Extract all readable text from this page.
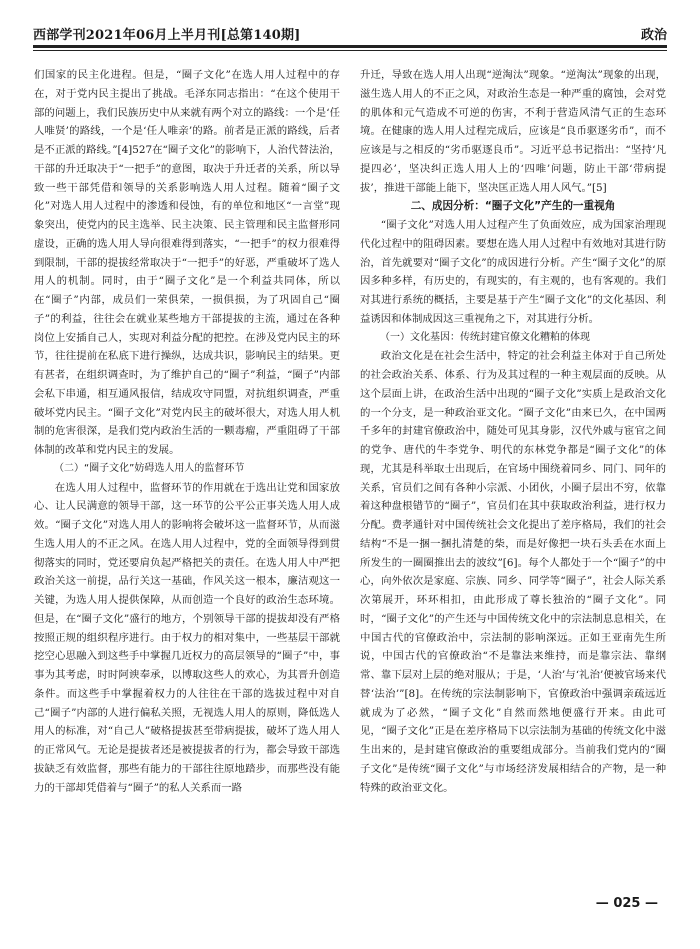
西部学刊2021年06月上半月刊[总第140期]	政治

们国家的民主化进程。但是，“圈子文化”在选人用人过程中的存在，对于党内民主提出了挑战。毛泽东同志指出：“在这个使用干部的问题上，我们民族历史中从来就有两个对立的路线：一个是‘任人唯贤’的路线，一个是‘任人唯亲’的路。前者是正派的路线，后者是不正派的路线。”[4]527在“圈子文化”的影响下，人治代替法治，干部的升迁取决于“一把手”的意图，取决于升迁者的关系，所以导致一些干部凭借和领导的关系影响选人用人过程。随着“圈子文化”对选人用人过程中的渗透和侵蚀，有的单位和地区“一言堂”现象突出，使党内的民主选举、民主决策、民主管理和民主监督形同虚设，正确的选人用人导向很难得到落实，“一把手”的权力很难得到限制，干部的提拔经常取决于“一把手”的好恶，严重破坏了选人用人的机制。同时，由于“圈子文化”是一个利益共同体，所以在“圈子”内部，成员们一荣俱荣，一损俱损，为了巩固自己“圈子”的利益，往往会在就业某些地方干部提拔的主流，通过在各种岗位上安插自己人，实现对利益分配的把控。在涉及党内民主的环节，往往提前在私底下进行操纵，达成共识，影响民主的结果。更有甚者，在组织调查时，为了维护自己的“圈子”利益，“圈子”内部会私下串通，相互通风报信，结成攻守同盟，对抗组织调查，严重破坏党内民主。“圈子文化”对党内民主的破坏很大，对选人用人机制的危害很深，是我们党内政治生活的一颗毒瘤，严重阻碍了干部体制的改革和党内民主的发展。

（二）“圈子文化”妨碍选人用人的监督环节

在选人用人过程中，监督环节的作用就在于选出让党和国家放心、让人民满意的领导干部，这一环节的公平公正事关选人用人成效。“圈子文化”对选人用人的影响将会破坏这一监督环节，从而滋生选人用人的不正之风。在选人用人过程中，党的全面领导得到贯彻落实的同时，党还要肩负起严格把关的责任。在选人用人中严把政治关这一前提，品行关这一基础，作风关这一根本，廉洁观这一关键，为选人用人提供保障，从而创造一个良好的政治生态环境。但是，在“圈子文化”盛行的地方，个别领导干部的提拔却没有严格按照正规的组织程序进行。由于权力的相对集中，一些基层干部就挖空心思融入到这些手中掌握几近权力的高层领导的“圈子”中，事事为其考虑，时时阿谀奉承，以博取这些人的欢心，为其晋升创造条件。而这些手中掌握着权力的人往往在干部的选拔过程中对自己“圈子”内部的人进行偏私关照，无视选人用人的原则，降低选人用人的标准，对“自己人”破格提拔甚至带病提拔，破坏了选人用人的正常风气。无论是提拔者还是被提拔者的行为，都会导致干部选拔缺乏有效监督，那些有能力的干部往往原地踏步，而那些没有能力的干部却凭借着与“圈子”的私人关系而一路

升迁，导致在选人用人出现“逆淘汰”现象。“逆淘汰”现象的出现，滋生选人用人的不正之风，对政治生态是一种严重的腐蚀，会对党的肌体和元气造成不可逆的伤害，不利于营造风清气正的生态环境。在健康的选人用人过程完成后，应该是“良币驱逐劣币”，而不应该是与之相反的“劣币驱逐良币”。习近平总书记指出：“坚持‘凡提四必’，坚决纠正选人用人上的‘四唯’问题，防止干部‘带病提拔’，推进干部能上能下，坚决匡正选人用人风气。”[5]

二、成因分析：“圈子文化”产生的一重视角

“圈子文化”对选人用人过程产生了负面效应，成为国家治理现代化过程中的阻碍因素。要想在选人用人过程中有效地对其进行防治，首先就要对“圈子文化”的成因进行分析。产生“圈子文化”的原因多种多样，有历史的，有现实的，有主观的，也有客观的。我们对其进行系统的概括，主要是基于产生“圈子文化”的文化基因、利益诱因和体制成因这三重视角之下，对其进行分析。

（一）文化基因：传统封建官僚文化糟粕的体现

政治文化是在社会生活中，特定的社会利益主体对于自己所处的社会政治关系、体系、行为及其过程的一种主观层面的反映。从这个层面上讲，在政治生活中出现的“圈子文化”实质上是政治文化的一个分支，是一种政治亚文化。“圈子文化”由来已久，在中国两千多年的封建官僚政治中，随处可见其身影，汉代外戚与宦官之间的党争、唐代的牛李党争、明代的东林党争都是“圈子文化”的体现，尤其是科举取士出现后，在官场中围绕着同乡、同门、同年的关系，官员们之间有各种小宗派、小团伙，小圈子层出不穷，依靠着这种盘根错节的“圈子”，官员们在其中获取政治利益，进行权力分配。费孝通针对中国传统社会文化提出了差序格局，我们的社会结构“不是一捆一捆扎清楚的柴，而是好像把一块石头丢在水面上所发生的一圈圈推出去的波纹”[6]。每个人都处于一个“圈子”的中心，向外依次是家庭、宗族、同乡、同学等“圈子”，社会人际关系次第展开，环环相扣，由此形成了尊长独治的“圈子文化”。同时，“圈子文化”的产生还与中国传统文化中的宗法制息息相关，在中国古代的官僚政治中，宗法制的影响深远。正如王亚南先生所说，中国古代的官僚政治“不是靠法来维持，而是靠宗法、靠纲常、靠下层对上层的绝对服从；于是，‘人治’与‘礼治’便被官场来代替‘法治’”[8]。在传统的宗法制影响下，官僚政治中强调亲疏远近就成为了必然，“圈子文化”自然而然地便盛行开来。由此可见，“圈子文化”正是在差序格局下以宗法制为基础的传统文化中滋生出来的，是封建官僚政治的重要组成部分。当前我们党内的“圈子文化”是传统“圈子文化”与市场经济发展相结合的产物，是一种特殊的政治亚文化。

— 025 —
